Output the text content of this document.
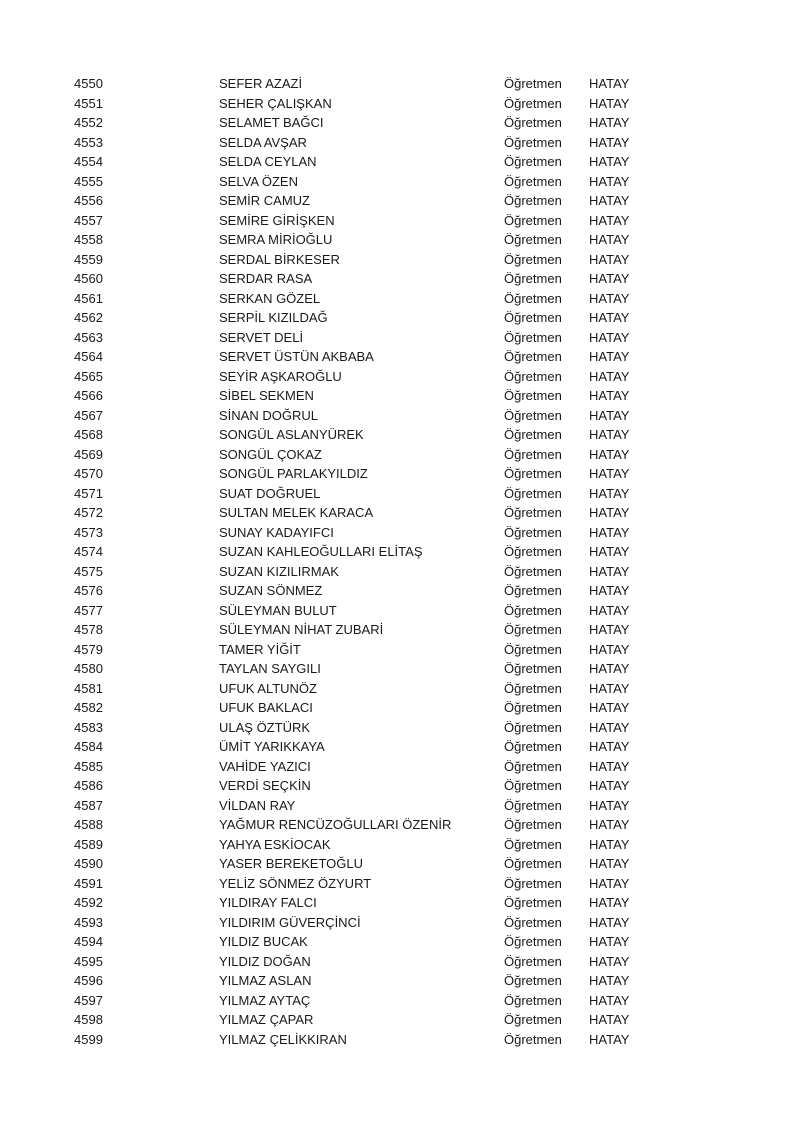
4550	SEFER AZAZİ	Öğretmen HATAY
4551	SEHER ÇALIŞKAN	Öğretmen HATAY
4552	SELAMET BAĞCI	Öğretmen HATAY
4553	SELDA AVŞAR	Öğretmen HATAY
4554	SELDA CEYLAN	Öğretmen HATAY
4555	SELVA ÖZEN	Öğretmen HATAY
4556	SEMİR CAMUZ	Öğretmen HATAY
4557	SEMİRE GİRİŞKEN	Öğretmen HATAY
4558	SEMRA MİRİOĞLU	Öğretmen HATAY
4559	SERDAL BİRKESER	Öğretmen HATAY
4560	SERDAR RASA	Öğretmen HATAY
4561	SERKAN GÖZEL	Öğretmen HATAY
4562	SERPİL KIZILDAĞ	Öğretmen HATAY
4563	SERVET DELİ	Öğretmen HATAY
4564	SERVET ÜSTÜN AKBABA	Öğretmen HATAY
4565	SEYİR AŞKAROĞLU	Öğretmen HATAY
4566	SİBEL SEKMEN	Öğretmen HATAY
4567	SİNAN DOĞRUL	Öğretmen HATAY
4568	SONGÜL ASLANYÜREK	Öğretmen HATAY
4569	SONGÜL ÇOKAZ	Öğretmen HATAY
4570	SONGÜL PARLAKYILDIZ	Öğretmen HATAY
4571	SUAT DOĞRUEL	Öğretmen HATAY
4572	SULTAN MELEK KARACA	Öğretmen HATAY
4573	SUNAY KADAYIFCI	Öğretmen HATAY
4574	SUZAN KAHLEOĞULLARI ELİTAŞ	Öğretmen HATAY
4575	SUZAN KIZILIRMAK	Öğretmen HATAY
4576	SUZAN SÖNMEZ	Öğretmen HATAY
4577	SÜLEYMAN BULUT	Öğretmen HATAY
4578	SÜLEYMAN NİHAT ZUBARİ	Öğretmen HATAY
4579	TAMER YİĞİT	Öğretmen HATAY
4580	TAYLAN SAYGILI	Öğretmen HATAY
4581	UFUK ALTUNÖZ	Öğretmen HATAY
4582	UFUK BAKLACI	Öğretmen HATAY
4583	ULAŞ ÖZTÜRK	Öğretmen HATAY
4584	ÜMİT YARIKKAYA	Öğretmen HATAY
4585	VAHİDE YAZICI	Öğretmen HATAY
4586	VERDİ SEÇKİN	Öğretmen HATAY
4587	VİLDAN RAY	Öğretmen HATAY
4588	YAĞMUR RENCÜZOĞULLARI ÖZENİR	Öğretmen HATAY
4589	YAHYA ESKİOCAK	Öğretmen HATAY
4590	YASER BEREKETOĞLU	Öğretmen HATAY
4591	YELİZ SÖNMEZ ÖZYURT	Öğretmen HATAY
4592	YILDIRAY FALCI	Öğretmen HATAY
4593	YILDIRIM GÜVERÇİNCİ	Öğretmen HATAY
4594	YILDIZ BUCAK	Öğretmen HATAY
4595	YILDIZ DOĞAN	Öğretmen HATAY
4596	YILMAZ ASLAN	Öğretmen HATAY
4597	YILMAZ AYTAÇ	Öğretmen HATAY
4598	YILMAZ ÇAPAR	Öğretmen HATAY
4599	YILMAZ ÇELİKKIRAN	Öğretmen HATAY
